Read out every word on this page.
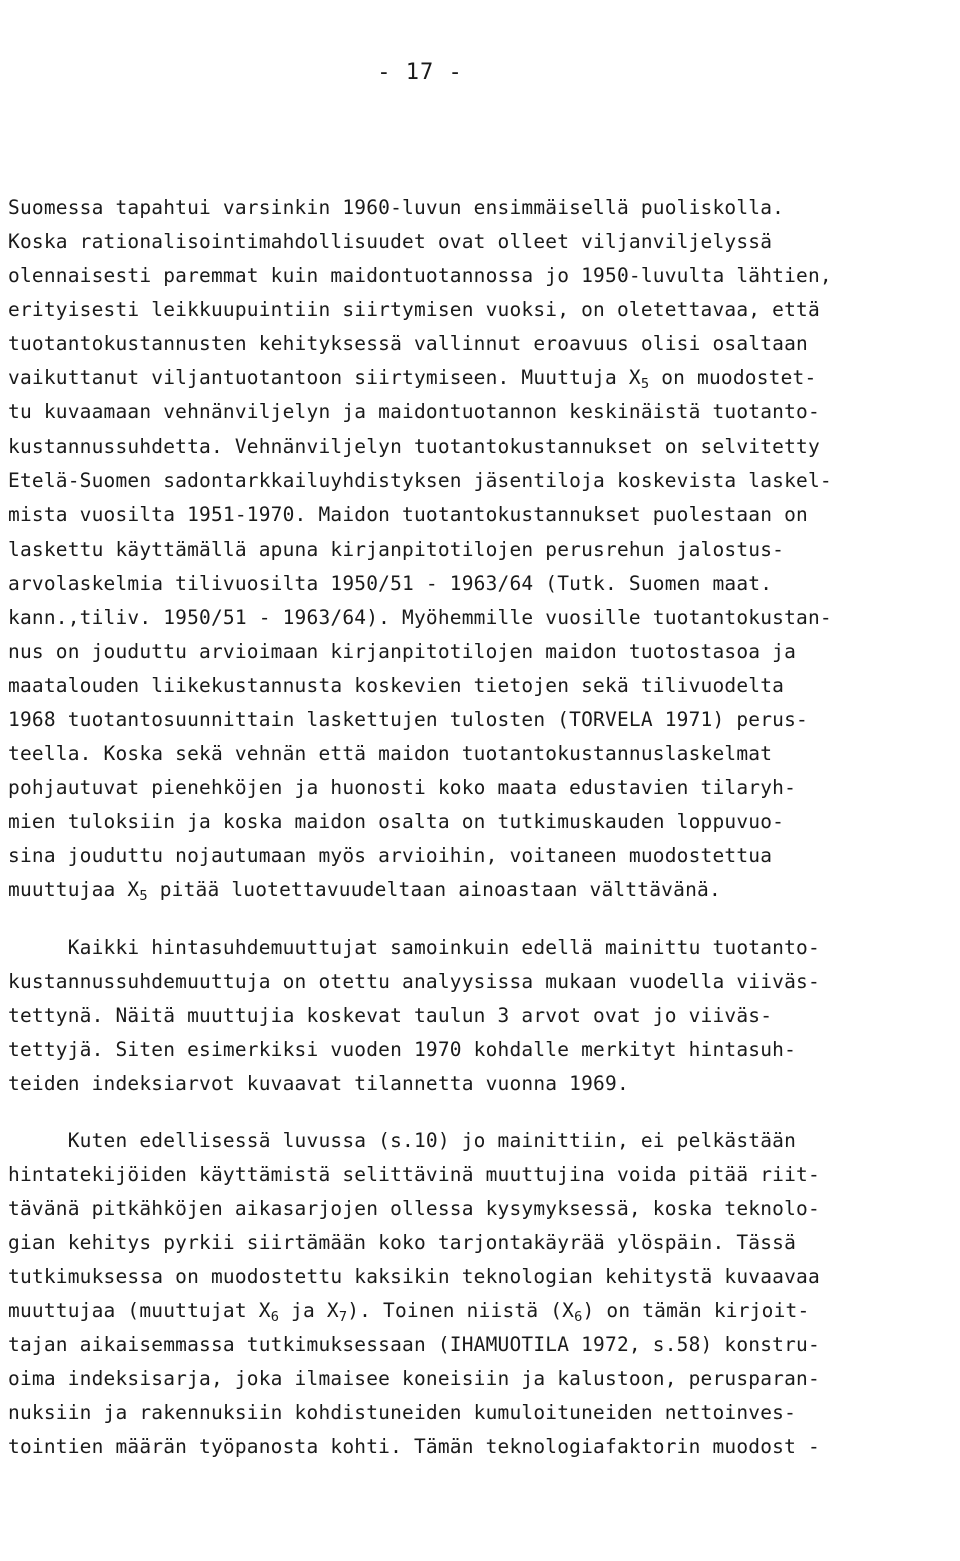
- 17 -
Suomessa tapahtui varsinkin 1960-luvun ensimmäisellä puoliskolla.
Koska rationalisointimahdollisuudet ovat olleet viljanviljelyssä
olennaisesti paremmat kuin maidontuotannossa jo 1950-luvulta lähtien,
erityisesti leikkuupuintiin siirtymisen vuoksi, on oletettavaa, että
tuotantokustannusten kehityksessä vallinnut eroavuus olisi osaltaan
vaikuttanut viljantuotantoon siirtymiseen. Muuttuja $X_5$ on muodostet-
tu kuvaamaan vehnänviljelyn ja maidontuotannon keskinäistä tuotanto-
kustannussuhdetta. Vehnänviljelyn tuotantokustannukset on selvitetty
Etelä-Suomen sadontarkkailuyhdistyksen jäsentiloja koskevista laskel-
mista vuosilta 1951-1970. Maidon tuotantokustannukset puolestaan on
laskettu käyttämällä apuna kirjanpitotilojen perusrehun jalostus-
arvolaskelmia tilivuosilta 1950/51 - 1963/64 (Tutk. Suomen maat.
kann.,tiliv. 1950/51 - 1963/64). Myöhemmille vuosille tuotantokustan-
nus on jouduttu arvioimaan kirjanpitotilojen maidon tuotostasoa ja
maatalouden liikekustannusta koskevien tietojen sekä tilivuodelta
1968 tuotantosuunnittain laskettujen tulosten (TORVELA 1971) perus-
teella. Koska sekä vehnän että maidon tuotantokustannuslaskelmat
pohjautuvat pienehköjen ja huonosti koko maata edustavien tilaryh-
mien tuloksiin ja koska maidon osalta on tutkimuskauden loppuvuo-
sina jouduttu nojautumaan myös arvioihin, voitaneen muodostettua
muuttujaa $X_5$ pitää luotettavuudeltaan ainoastaan välttävänä.
Kaikki hintasuhdemuuttujat samoinkuin edellä mainittu tuotanto-
kustannussuhdemuuttuja on otettu analyysissa mukaan vuodella viiväs-
tettynä. Näitä muuttujia koskevat taulun 3 arvot ovat jo viiväs-
tettyjä. Siten esimerkiksi vuoden 1970 kohdalle merkityt hintasuh-
teiden indeksiarvot kuvaavat tilannetta vuonna 1969.
Kuten edellisessä luvussa (s.10) jo mainittiin, ei pelkästään
hintatekijöiden käyttämistä selittävinä muuttujina voida pitää riit-
tävänä pitkähköjen aikasarjojen ollessa kysymyksessä, koska teknolo-
gian kehitys pyrkii siirtämään koko tarjontakäyrää ylöspäin. Tässä
tutkimuksessa on muodostettu kaksikin teknologian kehitystä kuvaavaa
muuttujaa (muuttujat $X_6$ ja $X_7$). Toinen niistä $(X_6)$ on tämän kirjoit-
tajan aikaisemmassa tutkimuksessaan (IHAMUOTILA 1972, s.58) konstru-
oima indeksisarja, joka ilmaisee koneisiin ja kalustoon, perusparan-
nuksiin ja rakennuksiin kohdistuneiden kumuloituneiden nettoinves-
tointien määrän työpanosta kohti. Tämän teknologiafaktorin muodost -
